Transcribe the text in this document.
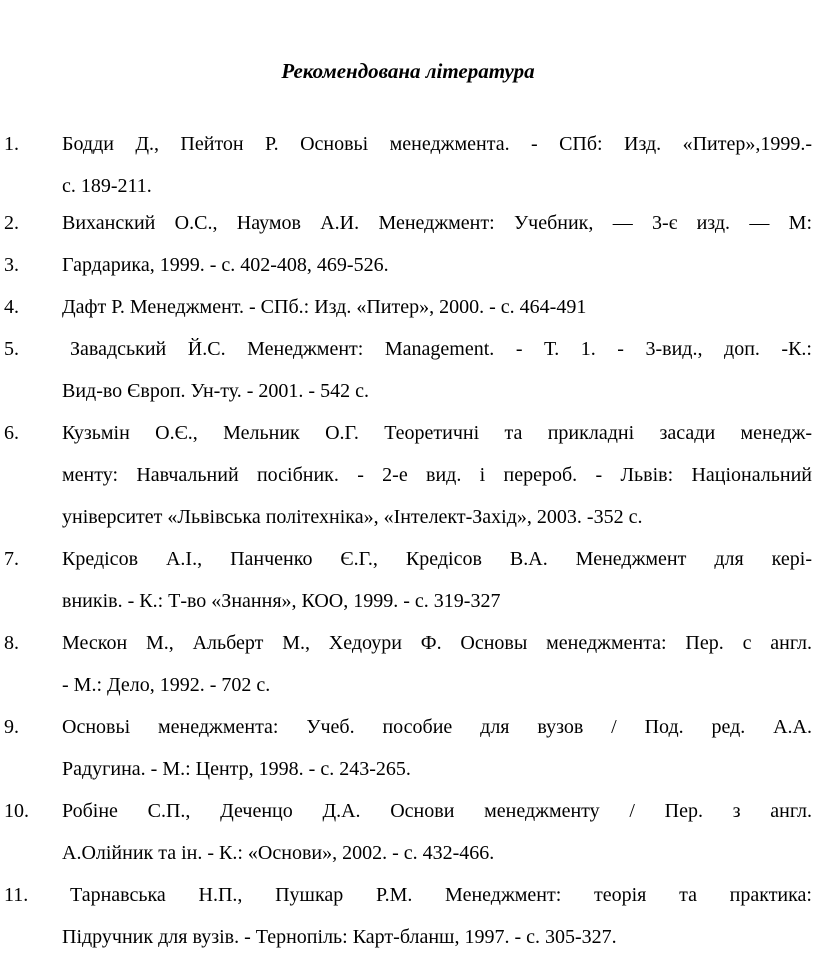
Рекомендована література
1. Бодди Д., Пейтон Р. Основьі менеджмента. - СПб: Изд. «Питер»,1999.-
с. 189-211.
2. Виханский О.С., Наумов А.И. Менеджмент: Учебник, — 3-є изд. — М:
3. Гардарика, 1999. - с. 402-408, 469-526.
4. Дафт Р. Менеджмент. - СПб.: Изд. «Питер», 2000. - с. 464-491
5.	Завадський Й.С. Менеджмент: Management. - Т. 1. - 3-вид., доп. -К.:
Вид-во Європ. Ун-ту. - 2001. - 542 с.
6. Кузьмін О.Є., Мельник О.Г. Теоретичні та прикладні засади менедж-
менту: Навчальний посібник. - 2-е вид. і перероб. - Львів: Національний
університет «Львівська політехніка», «Інтелект-Захід», 2003. -352 с.
7. Кредісов А.І., Панченко Є.Г., Кредісов В.А. Менеджмент для кері-
вників. - К.: Т-во «Знання», КОО, 1999. - с. 319-327
8. Мескон М., Альберт М., Хедоури Ф. Основы менеджмента: Пер. с англ.
- М.: Дело, 1992. - 702 с.
9. Основьі менеджмента: Учеб. пособие для вузов / Под. ред. А.А.
Радугина. - М.: Центр, 1998. - с. 243-265.
10. Робіне С.П., Деченцо Д.А. Основи менеджменту / Пер. з англ.
А.Олійник та ін. - К.: «Основи», 2002. - с. 432-466.
11. Тарнавська Н.П., Пушкар Р.М. Менеджмент: теорія та практика:
Підручник для вузів. - Тернопіль: Карт-бланш, 1997. - с. 305-327.
